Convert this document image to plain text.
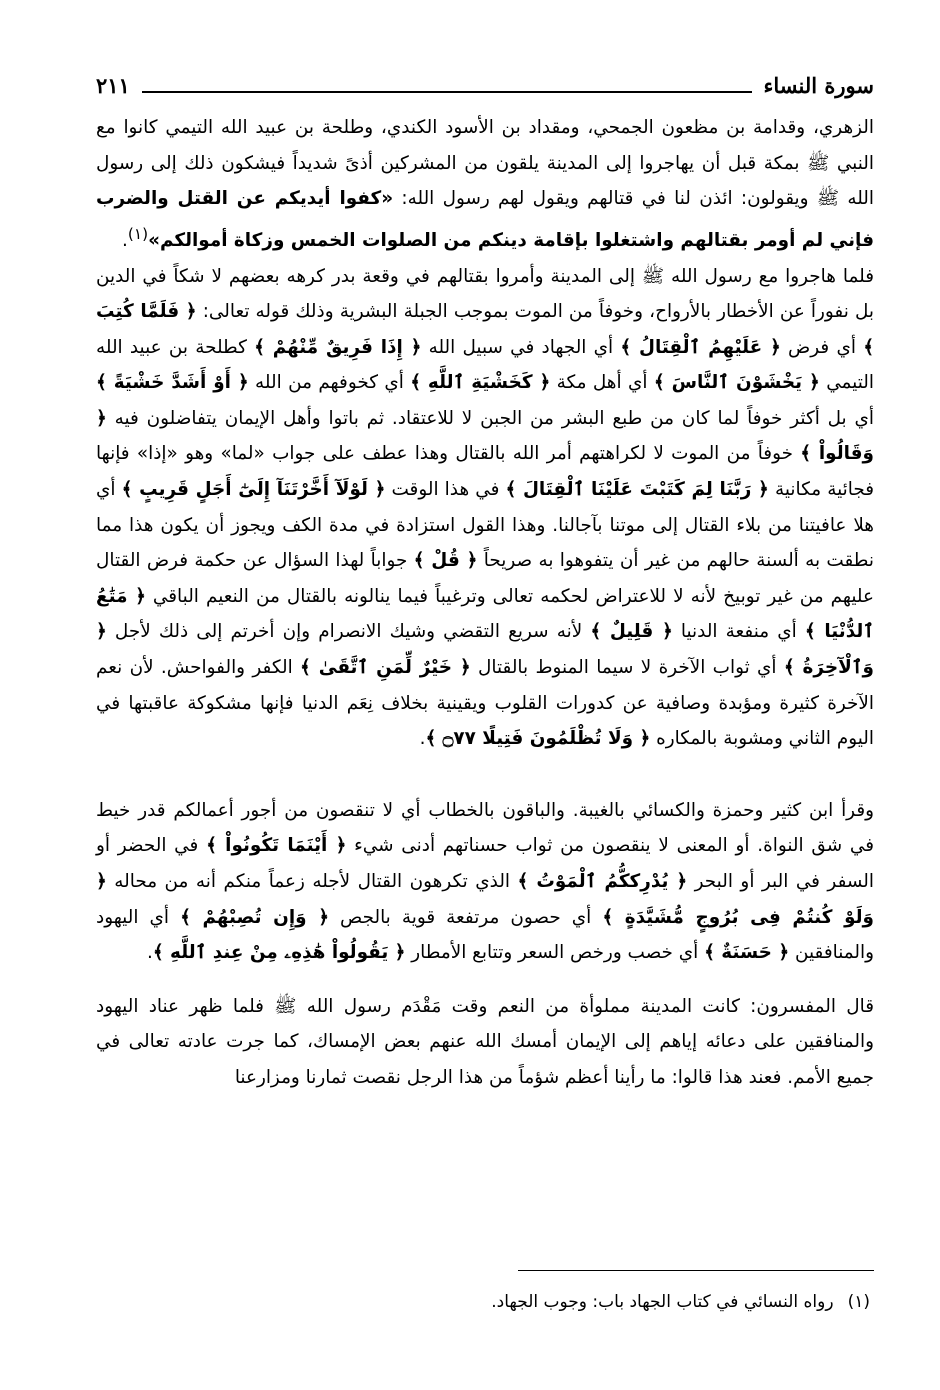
سورة النساء
٢١١

الزهري، وقدامة بن مظعون الجمحي، ومقداد بن الأسود الكندي، وطلحة بن عبيد الله التيمي كانوا مع النبي ﷺ بمكة قبل أن يهاجروا إلى المدينة يلقون من المشركين أذىً شديداً فيشكون ذلك إلى رسول الله ﷺ ويقولون: ائذن لنا في قتالهم ويقول لهم رسول الله: «كفوا أيديكم عن القتل والضرب فإني لم أومر بقتالهم واشتغلوا بإقامة دينكم من الصلوات الخمس وزكاة أموالكم»$^{(١)}$.

فلما هاجروا مع رسول الله ﷺ إلى المدينة وأمروا بقتالهم في وقعة بدر كرهه بعضهم لا شكاً في الدين بل نفوراً عن الأخطار بالأرواح، وخوفاً من الموت بموجب الجبلة البشرية وذلك قوله تعالى: ﴿ فَلَمَّا كُتِبَ ﴾ أي فرض ﴿ عَلَيْهِمُ ٱلْقِتَالُ ﴾ أي الجهاد في سبيل الله ﴿ إِذَا فَرِيقٌ مِّنْهُمْ ﴾ كطلحة بن عبيد الله التيمي ﴿ يَخْشَوْنَ ٱلنَّاسَ ﴾ أي أهل مكة ﴿ كَخَشْيَةِ ٱللَّهِ ﴾ أي كخوفهم من الله ﴿ أَوْ أَشَدَّ خَشْيَةً ﴾ أي بل أكثر خوفاً لما كان من طبع البشر من الجبن لا للاعتقاد. ثم باتوا وأهل الإيمان يتفاضلون فيه ﴿ وَقَالُواْ ﴾ خوفاً من الموت لا لكراهتهم أمر الله بالقتال وهذا عطف على جواب «لما» وهو «إذا» فإنها فجائية مكانية ﴿ رَبَّنَا لِمَ كَتَبْتَ عَلَيْنَا ٱلْقِتَالَ ﴾ في هذا الوقت ﴿ لَوْلَآ أَخَّرْتَنَآ إِلَىٰٓ أَجَلٍ قَرِيبٍ ﴾ أي هلا عافيتنا من بلاء القتال إلى موتنا بآجالنا. وهذا القول استزادة في مدة الكف ويجوز أن يكون هذا مما نطقت به ألسنة حالهم من غير أن يتفوهوا به صريحاً ﴿ قُلْ ﴾ جواباً لهذا السؤال عن حكمة فرض القتال عليهم من غير توبيخ لأنه لا للاعتراض لحكمه تعالى وترغيباً فيما ينالونه بالقتال من النعيم الباقي ﴿ مَتَٰعُ ٱلدُّنْيَا ﴾ أي منفعة الدنيا ﴿ قَلِيلٌ ﴾ لأنه سريع التقضي وشيك الانصرام وإن أخرتم إلى ذلك لأجل ﴿ وَٱلْآخِرَةُ ﴾ أي ثواب الآخرة لا سيما المنوط بالقتال ﴿ خَيْرٌ لِّمَنِ ٱتَّقَىٰ ﴾ الكفر والفواحش. لأن نعم الآخرة كثيرة ومؤبدة وصافية عن كدورات القلوب ويقينية بخلاف نِعَم الدنيا فإنها مشكوكة عاقبتها في اليوم الثاني ومشوبة بالمكاره ﴿ وَلَا تُظْلَمُونَ فَتِيلًا ۝٧٧ ﴾.

وقرأ ابن كثير وحمزة والكسائي بالغيبة. والباقون بالخطاب أي لا تنقصون من أجور أعمالكم قدر خيط في شق النواة. أو المعنى لا ينقصون من ثواب حسناتهم أدنى شيء ﴿ أَيْنَمَا تَكُونُواْ ﴾ في الحضر أو السفر في البر أو البحر ﴿ يُدْرِككُّمُ ٱلْمَوْتُ ﴾ الذي تكرهون القتال لأجله زعماً منكم أنه من محاله ﴿ وَلَوْ كُنتُمْ فِى بُرُوجٍ مُّشَيَّدَةٍ ﴾ أي حصون مرتفعة قوية بالجص ﴿ وَإِن تُصِبْهُمْ ﴾ أي اليهود والمنافقين ﴿ حَسَنَةٌ ﴾ أي خصب ورخص السعر وتتابع الأمطار ﴿ يَقُولُواْ هَٰذِهِۦ مِنْ عِندِ ٱللَّهِ ﴾.

قال المفسرون: كانت المدينة مملوأة من النعم وقت مَقْدَم رسول الله ﷺ فلما ظهر عناد اليهود والمنافقين على دعائه إياهم إلى الإيمان أمسك الله عنهم بعض الإمساك، كما جرت عادته تعالى في جميع الأمم. فعند هذا قالوا: ما رأينا أعظم شؤماً من هذا الرجل نقصت ثمارنا ومزارعنا

(١)رواه النسائي في كتاب الجهاد باب: وجوب الجهاد.
